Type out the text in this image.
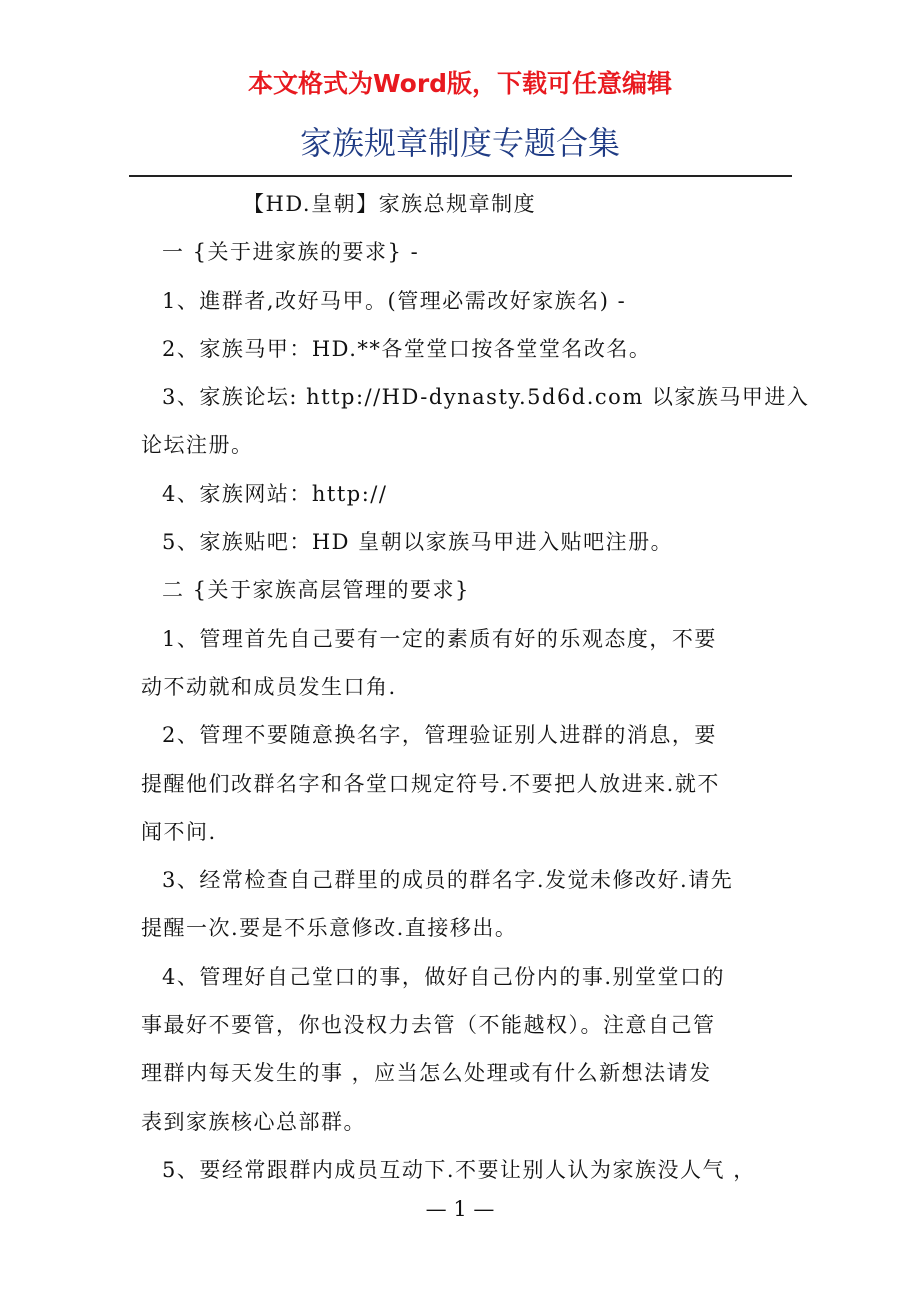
本文格式为Word版，下载可任意编辑
家族规章制度专题合集
【HD.皇朝】家族总规章制度
一 {关于进家族的要求} -
1、進群者,改好马甲。(管理必需改好家族名) -
2、家族马甲：HD.**各堂堂口按各堂堂名改名。
3、家族论坛: http://HD-dynasty.5d6d.com 以家族马甲进入
论坛注册。
4、家族网站：http://
5、家族贴吧：HD 皇朝以家族马甲进入贴吧注册。
二 {关于家族高层管理的要求}
1、管理首先自己要有一定的素质有好的乐观态度，不要
动不动就和成员发生口角.
2、管理不要随意换名字，管理验证别人进群的消息，要
提醒他们改群名字和各堂口规定符号.不要把人放进来.就不
闻不问.
3、经常检查自己群里的成员的群名字.发觉未修改好.请先
提醒一次.要是不乐意修改.直接移出。
4、管理好自己堂口的事，做好自己份内的事.别堂堂口的
事最好不要管，你也没权力去管（不能越权）。注意自己管
理群内每天发生的事 ，应当怎么处理或有什么新想法请发
表到家族核心总部群。
5、要经常跟群内成员互动下.不要让别人认为家族没人气 ，
— 1 —
